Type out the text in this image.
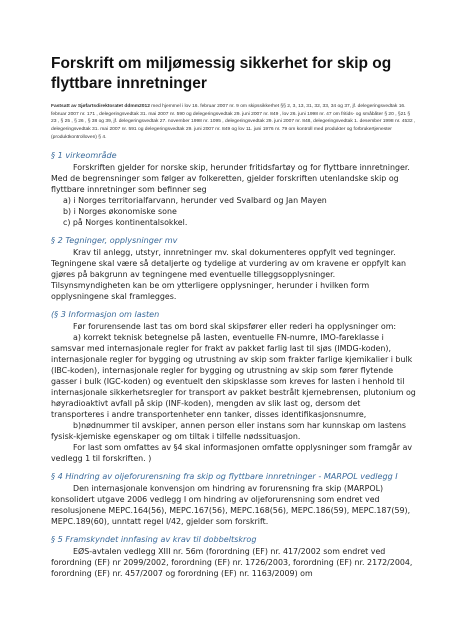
Forskrift om miljømessig sikkerhet for skip og flyttbare innretninger

Fastsatt av Sjøfartsdirektoratet ddmm2012 med hjemmel i lov 16. februar 2007 nr. 9 om skipssikkerhet §§ 2, 3, 13, 31, 32, 33, 34 og 37, jf. delegeringsvedtak 16. februar 2007 nr. 171 , delegeringsvedtak 31. mai 2007 nr. 590 og delegeringsvedtak 29. juni 2007 nr. 849 , lov 26. juni 1998 nr. 47 om fritids- og småbåter § 20 , §21 § 23 , § 25 , § 26 , § 38 og 39, jf. delegeringsvedtak 27. november 1998 nr. 1095 , delegeringsvedtak 29. juni 2007 nr. 848, delegeringsvedtak 1. desember 1998 nr. 4532 , delegeringsvedtak 31. mai 2007 nr. 591 og delegeringsvedtak 29. juni 2007 nr. 849 og lov 11. juni 1976 nr. 79 om kontroll med produkter og forbrukertjenester (produktkontrolloven) § 4.

§ 1 virkeområde

Forskriften gjelder for norske skip, herunder fritidsfartøy og for flyttbare innretninger. Med de begrensninger som følger av folkeretten, gjelder forskriften utenlandske skip og flyttbare innretninger som befinner seg

a) i Norges territorialfarvann, herunder ved Svalbard og Jan Mayen
b) i Norges økonomiske sone
c) på Norges kontinentalsokkel.
§ 2 Tegninger, opplysninger mv

Krav til anlegg, utstyr, innretninger mv. skal dokumenteres oppfylt ved tegninger. Tegningene skal være så detaljerte og tydelige at vurdering av om kravene er oppfylt kan gjøres på bakgrunn av tegningene med eventuelle tilleggsopplysninger. Tilsynsmyndigheten kan be om ytterligere opplysninger, herunder i hvilken form opplysningene skal framlegges.

(§ 3 Informasjon om lasten

Før forurensende last tas om bord skal skipsfører eller rederi ha opplysninger om:

a) korrekt teknisk betegnelse på lasten, eventuelle FN-numre, IMO-fareklasse i samsvar med internasjonale regler for frakt av pakket farlig last til sjøs (IMDG-koden), internasjonale regler for bygging og utrustning av skip som frakter farlige kjemikalier i bulk (IBC-koden), internasjonale regler for bygging og utrustning av skip som fører flytende gasser i bulk (IGC-koden) og eventuelt den skipsklasse som kreves for lasten i henhold til internasjonale sikkerhetsregler for transport av pakket bestrålt kjernebrensen, plutonium og høyradioaktivt avfall på skip (INF-koden), mengden av slik last og, dersom det transporteres i andre transportenheter enn tanker, disses identifikasjonsnumre,

b)nødnummer til avskiper, annen person eller instans som har kunnskap om lastens fysisk-kjemiske egenskaper og om tiltak i tilfelle nødssituasjon.

For last som omfattes av §4 skal informasjonen omfatte opplysninger som framgår av vedlegg 1 til forskriften. )

§ 4 Hindring av oljeforurensning fra skip og flyttbare innretninger - MARPOL vedlegg I

Den internasjonale konvensjon om hindring av forurensning fra skip (MARPOL) konsolidert utgave 2006 vedlegg I om hindring av oljeforurensning som endret ved resolusjonene MEPC.164(56), MEPC.167(56), MEPC.168(56), MEPC.186(59), MEPC.187(59), MEPC.189(60), unntatt regel I/42, gjelder som forskrift.

§ 5 Framskyndet innfasing av krav til dobbeltskrog

EØS-avtalen vedlegg XIII nr. 56m (forordning (EF) nr. 417/2002 som endret ved forordning (EF) nr 2099/2002, forordning (EF) nr. 1726/2003, forordning (EF) nr. 2172/2004, forordning (EF) nr. 457/2007 og forordning (EF) nr. 1163/2009) om
